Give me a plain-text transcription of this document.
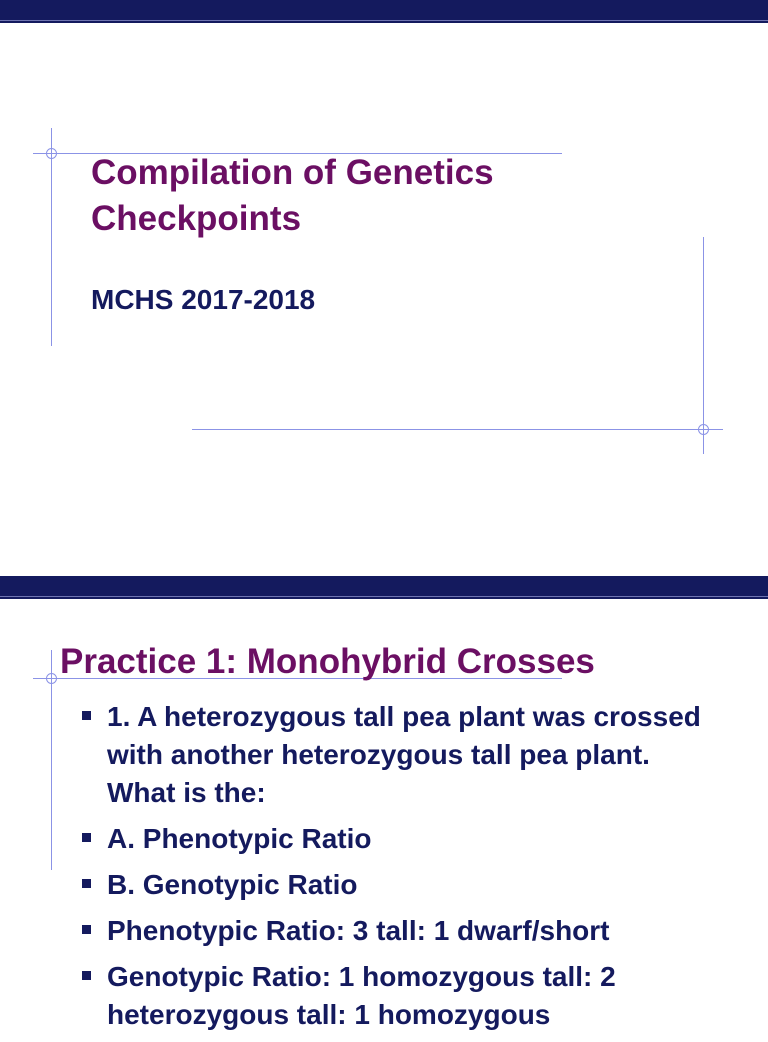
Compilation of Genetics Checkpoints

MCHS 2017-2018

Practice 1: Monohybrid Crosses
1. A heterozygous tall pea plant was crossed with another heterozygous tall pea plant. What is the:
A. Phenotypic Ratio
B. Genotypic Ratio
Phenotypic Ratio: 3 tall: 1 dwarf/short
Genotypic Ratio: 1 homozygous tall: 2 heterozygous tall: 1 homozygous
